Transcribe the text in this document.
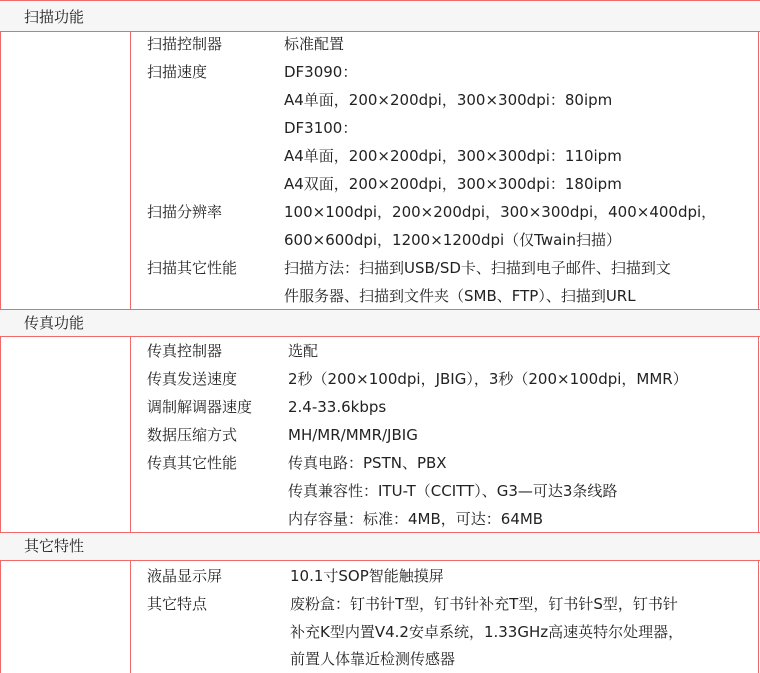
扫描功能
扫描控制器	标准配置
扫描速度	DF3090：
A4单面，200×200dpi，300×300dpi：80ipm
DF3100：
A4单面，200×200dpi，300×300dpi：110ipm
A4双面，200×200dpi，300×300dpi：180ipm
扫描分辨率	100×100dpi，200×200dpi，300×300dpi，400×400dpi，
600×600dpi，1200×1200dpi（仅Twain扫描）
扫描其它性能	扫描方法：扫描到USB/SD卡、扫描到电子邮件、扫描到文
件服务器、扫描到文件夹（SMB、FTP）、扫描到URL
传真功能
传真控制器	选配
传真发送速度	2秒（200×100dpi，JBIG），3秒（200×100dpi，MMR）
调制解调器速度 2.4-33.6kbps
数据压缩方式	MH/MR/MMR/JBIG
传真其它性能	传真电路：PSTN、PBX
传真兼容性：ITU-T（CCITT）、G3—可达3条线路
内存容量：标准：4MB，可达：64MB
其它特性
液晶显示屏	10.1寸SOP智能触摸屏
其它特点	废粉盒：钉书针T型，钉书针补充T型，钉书针S型，钉书针
补充K型内置V4.2安卓系统，1.33GHz高速英特尔处理器，
前置人体靠近检测传感器
